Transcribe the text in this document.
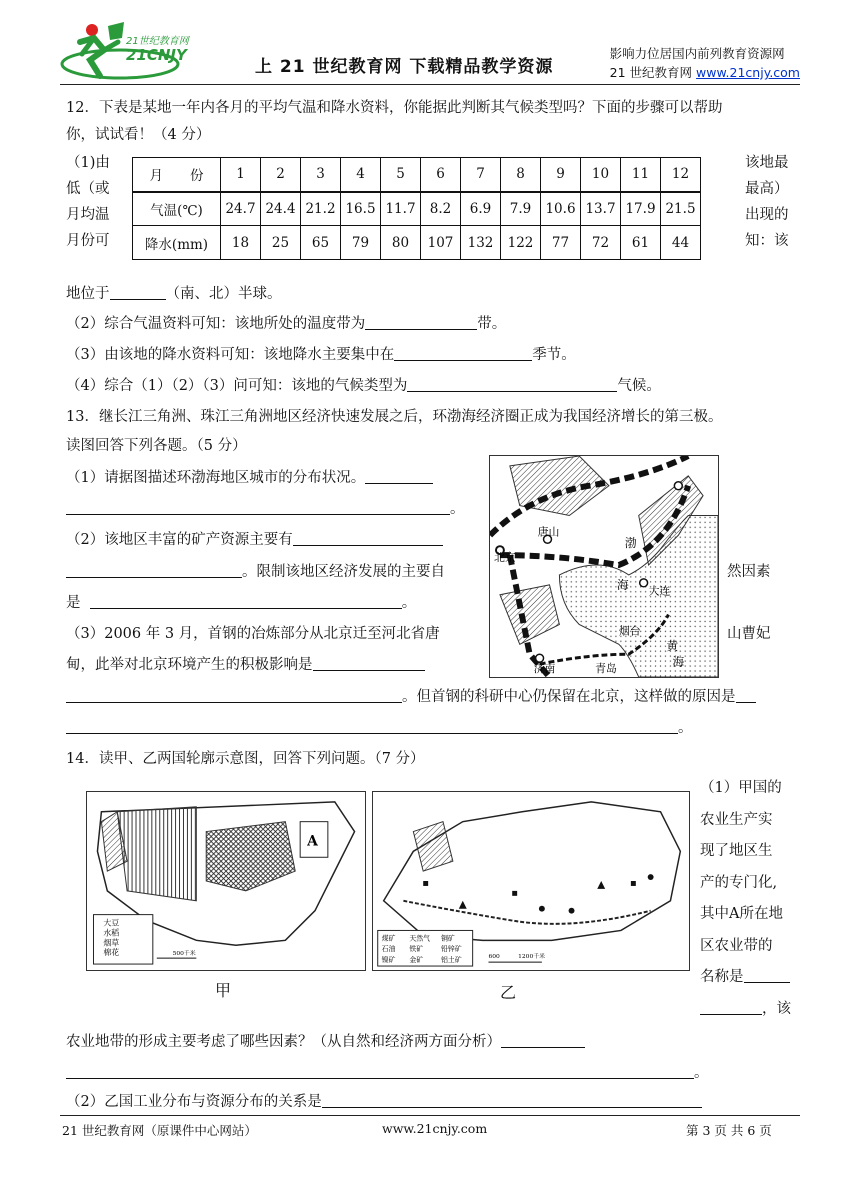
21世纪教育网
21CNJY
上 21 世纪教育网 下载精品教学资源
影响力位居国内前列教育资源网
21 世纪教育网 www.21cnjy.com
12．下表是某地一年内各月的平均气温和降水资料，你能据此判断其气候类型吗？下面的步骤可以帮助
你，试试看！（4 分）
（1)由
低（或
月均温
月份可
月　　份	1	2	3	4	5	6	7	8	9	10	11	12
气温(℃)	24.7	24.4	21.2	16.5	11.7	8.2	6.9	7.9	10.6	13.7	17.9	21.5
降水(mm)	18	25	65	79	80	107	132	122	77	72	61	44
该地最
最高）
出现的
知：该
地位于	（南、北）半球。
（2）综合气温资料可知：该地所处的温度带为	带。
（3）由该地的降水资料可知：该地降水主要集中在	季节。
（4）综合（1）（2）（3）问可知：该地的气候类型为	气候。
13．继长江三角洲、珠江三角洲地区经济快速发展之后，环渤海经济圈正成为我国经济增长的第三极。
读图回答下列各题。（5 分）
（1）请据图描述环渤海地区城市的分布状况。
。
（2）该地区丰富的矿产资源主要有
。限制该地区经济发展的主要自	然因素
是	。
（3）2006 年 3 月，首钢的冶炼部分从北京迁至河北省唐	山曹妃
甸，此举对北京环境产生的积极影响是
。但首钢的科研中心仍保留在北京，这样做的原因是
。
北京
唐山
渤
海 大连
烟台
济南	青岛
黄
海
14．读甲、乙两国轮廓示意图，回答下列问题。（7 分）
A
大豆
水稻
烟草
棉花	500千米
甲
煤矿 天然气 铜矿
石油 铁矿	铅锌矿
镍矿 金矿	铝土矿	600	1200千米
乙
（1）甲国的
农业生产实
现了地区生
产的专门化,
其中A所在地
区农业带的
名称是
，该
农业地带的形成主要考虑了哪些因素？（从自然和经济两方面分析）
。
（2）乙国工业分布与资源分布的关系是
21 世纪教育网（原课件中心网站）	www.21cnjy.com	第 3 页 共 6 页
